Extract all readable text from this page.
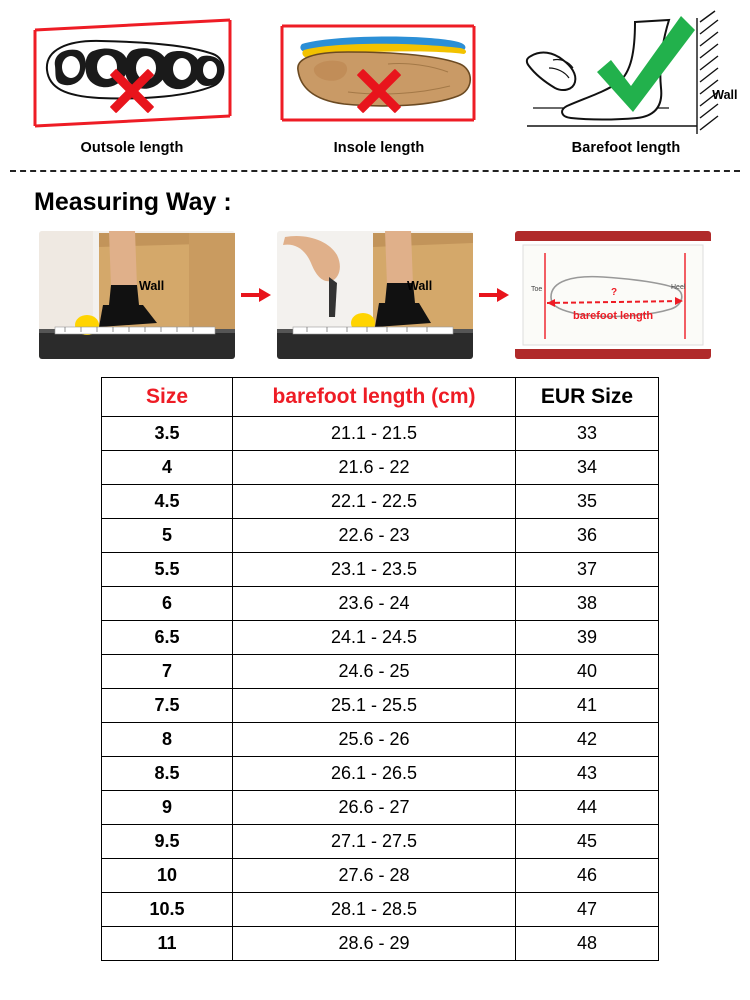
Outsole length	Insole length
Wall
Barefoot length
Measuring Way :
Wall	Wall	Toe	Heel
?
barefoot length
Size	barefoot length (cm)	EUR Size
3.5	21.1 - 21.5	33
4	21.6 - 22	34
4.5	22.1 - 22.5	35
5	22.6 - 23	36
5.5	23.1 - 23.5	37
6	23.6 - 24	38
6.5	24.1 - 24.5	39
7	24.6 - 25	40
7.5	25.1 - 25.5	41
8	25.6 - 26	42
8.5	26.1 - 26.5	43
9	26.6 - 27	44
9.5	27.1 - 27.5	45
10	27.6 - 28	46
10.5	28.1 - 28.5	47
11	28.6 - 29	48
